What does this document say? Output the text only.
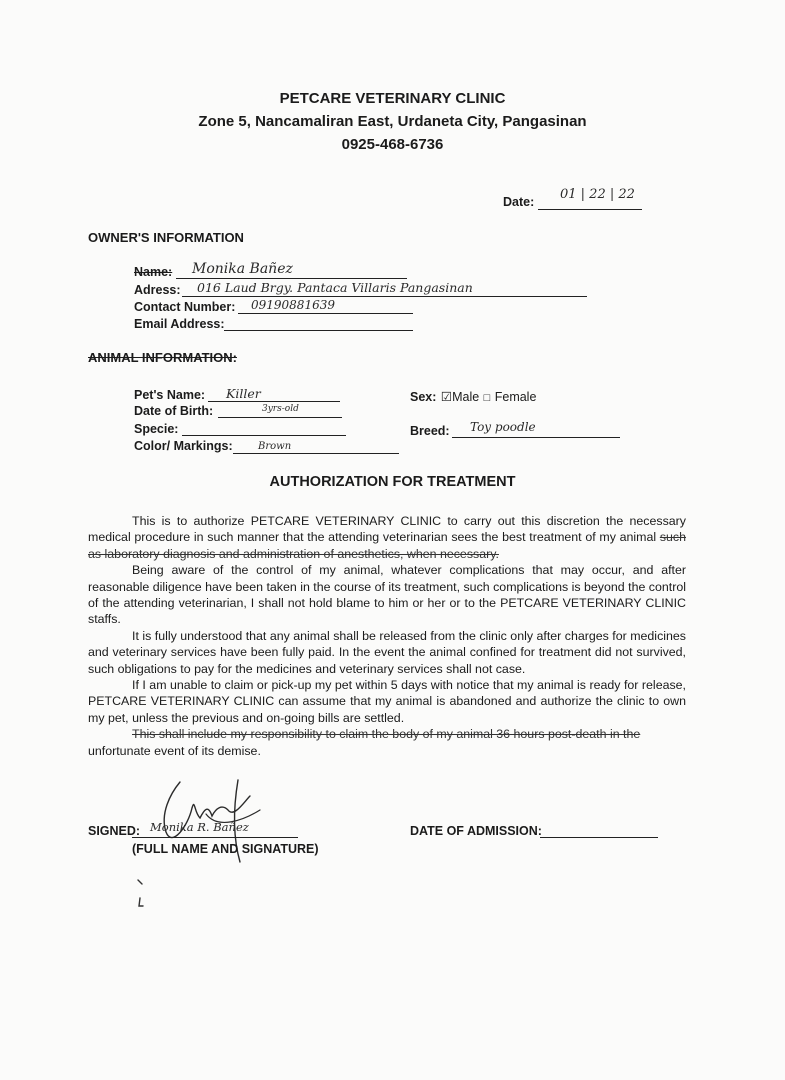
PETCARE VETERINARY CLINIC
Zone 5, Nancamaliran East, Urdaneta City, Pangasinan
0925-468-6736
Date: 01 | 22 | 22
OWNER'S INFORMATION
Name: Monika Bañez
Adress: 016 Laud Brgy. Pantaca Villaris Pangasinan
Contact Number: 09190881639
Email Address:
ANIMAL INFORMATION:
Pet's Name: Killer
Date of Birth:	3yrs-old
Specie:
Color/ Markings:	Brown
Sex: ☑Male □ Female
Breed: Toy poodle
AUTHORIZATION FOR TREATMENT

This is to authorize PETCARE VETERINARY CLINIC to carry out this discretion the necessary medical procedure in such manner that the attending veterinarian sees the best treatment of my animal such as laboratory diagnosis and administration of anesthetics, when necessary.

Being aware of the control of my animal, whatever complications that may occur, and after reasonable diligence have been taken in the course of its treatment, such complications is beyond the control of the attending veterinarian, I shall not hold blame to him or her or to the PETCARE VETERINARY CLINIC staffs.

It is fully understood that any animal shall be released from the clinic only after charges for medicines and veterinary services have been fully paid. In the event the animal confined for treatment did not survived, such obligations to pay for the medicines and veterinary services shall not case.

If I am unable to claim or pick-up my pet within 5 days with notice that my animal is ready for release, PETCARE VETERINARY CLINIC can assume that my animal is abandoned and authorize the clinic to own my pet, unless the previous and on-going bills are settled.

This shall include my responsibility to claim the body of my animal 36 hours post-death in the

unfortunate event of its demise.

SIGNED: Monika R. Bañez
(FULL NAME AND SIGNATURE)
DATE OF ADMISSION:
